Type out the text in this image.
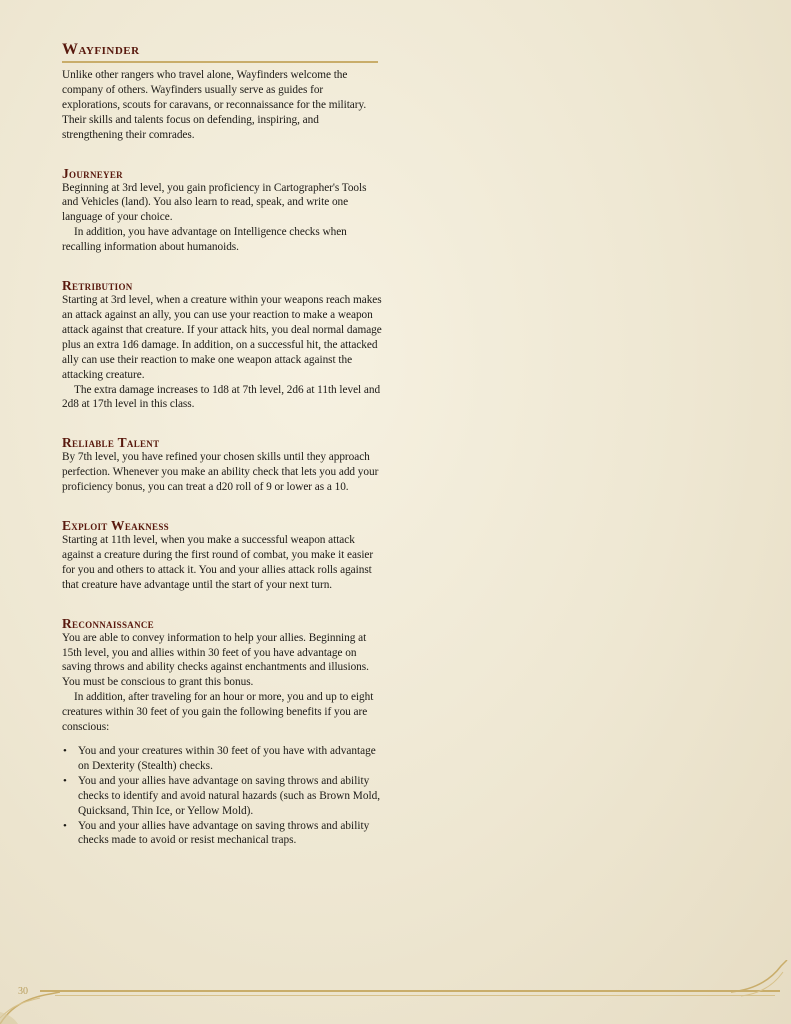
Wayfinder

Unlike other rangers who travel alone, Wayfinders welcome the company of others. Wayfinders usually serve as guides for explorations, scouts for caravans, or reconnaissance for the military. Their skills and talents focus on defending, inspiring, and strengthening their comrades.

Journeyer

Beginning at 3rd level, you gain proficiency in Cartographer's Tools and Vehicles (land). You also learn to read, speak, and write one language of your choice.

In addition, you have advantage on Intelligence checks when recalling information about humanoids.

Retribution

Starting at 3rd level, when a creature within your weapons reach makes an attack against an ally, you can use your reaction to make a weapon attack against that creature. If your attack hits, you deal normal damage plus an extra 1d6 damage. In addition, on a successful hit, the attacked ally can use their reaction to make one weapon attack against the attacking creature.

The extra damage increases to 1d8 at 7th level, 2d6 at 11th level and 2d8 at 17th level in this class.

Reliable Talent

By 7th level, you have refined your chosen skills until they approach perfection. Whenever you make an ability check that lets you add your proficiency bonus, you can treat a d20 roll of 9 or lower as a 10.

Exploit Weakness

Starting at 11th level, when you make a successful weapon attack against a creature during the first round of combat, you make it easier for you and others to attack it. You and your allies attack rolls against that creature have advantage until the start of your next turn.

Reconnaissance

You are able to convey information to help your allies. Beginning at 15th level, you and allies within 30 feet of you have advantage on saving throws and ability checks against enchantments and illusions. You must be conscious to grant this bonus.

In addition, after traveling for an hour or more, you and up to eight creatures within 30 feet of you gain the following benefits if you are conscious:

• You and your creatures within 30 feet of you have with advantage on Dexterity (Stealth) checks.
• You and your allies have advantage on saving throws and ability checks to identify and avoid natural hazards (such as Brown Mold, Quicksand, Thin Ice, or Yellow Mold).
• You and your allies have advantage on saving throws and ability checks made to avoid or resist mechanical traps.
30
